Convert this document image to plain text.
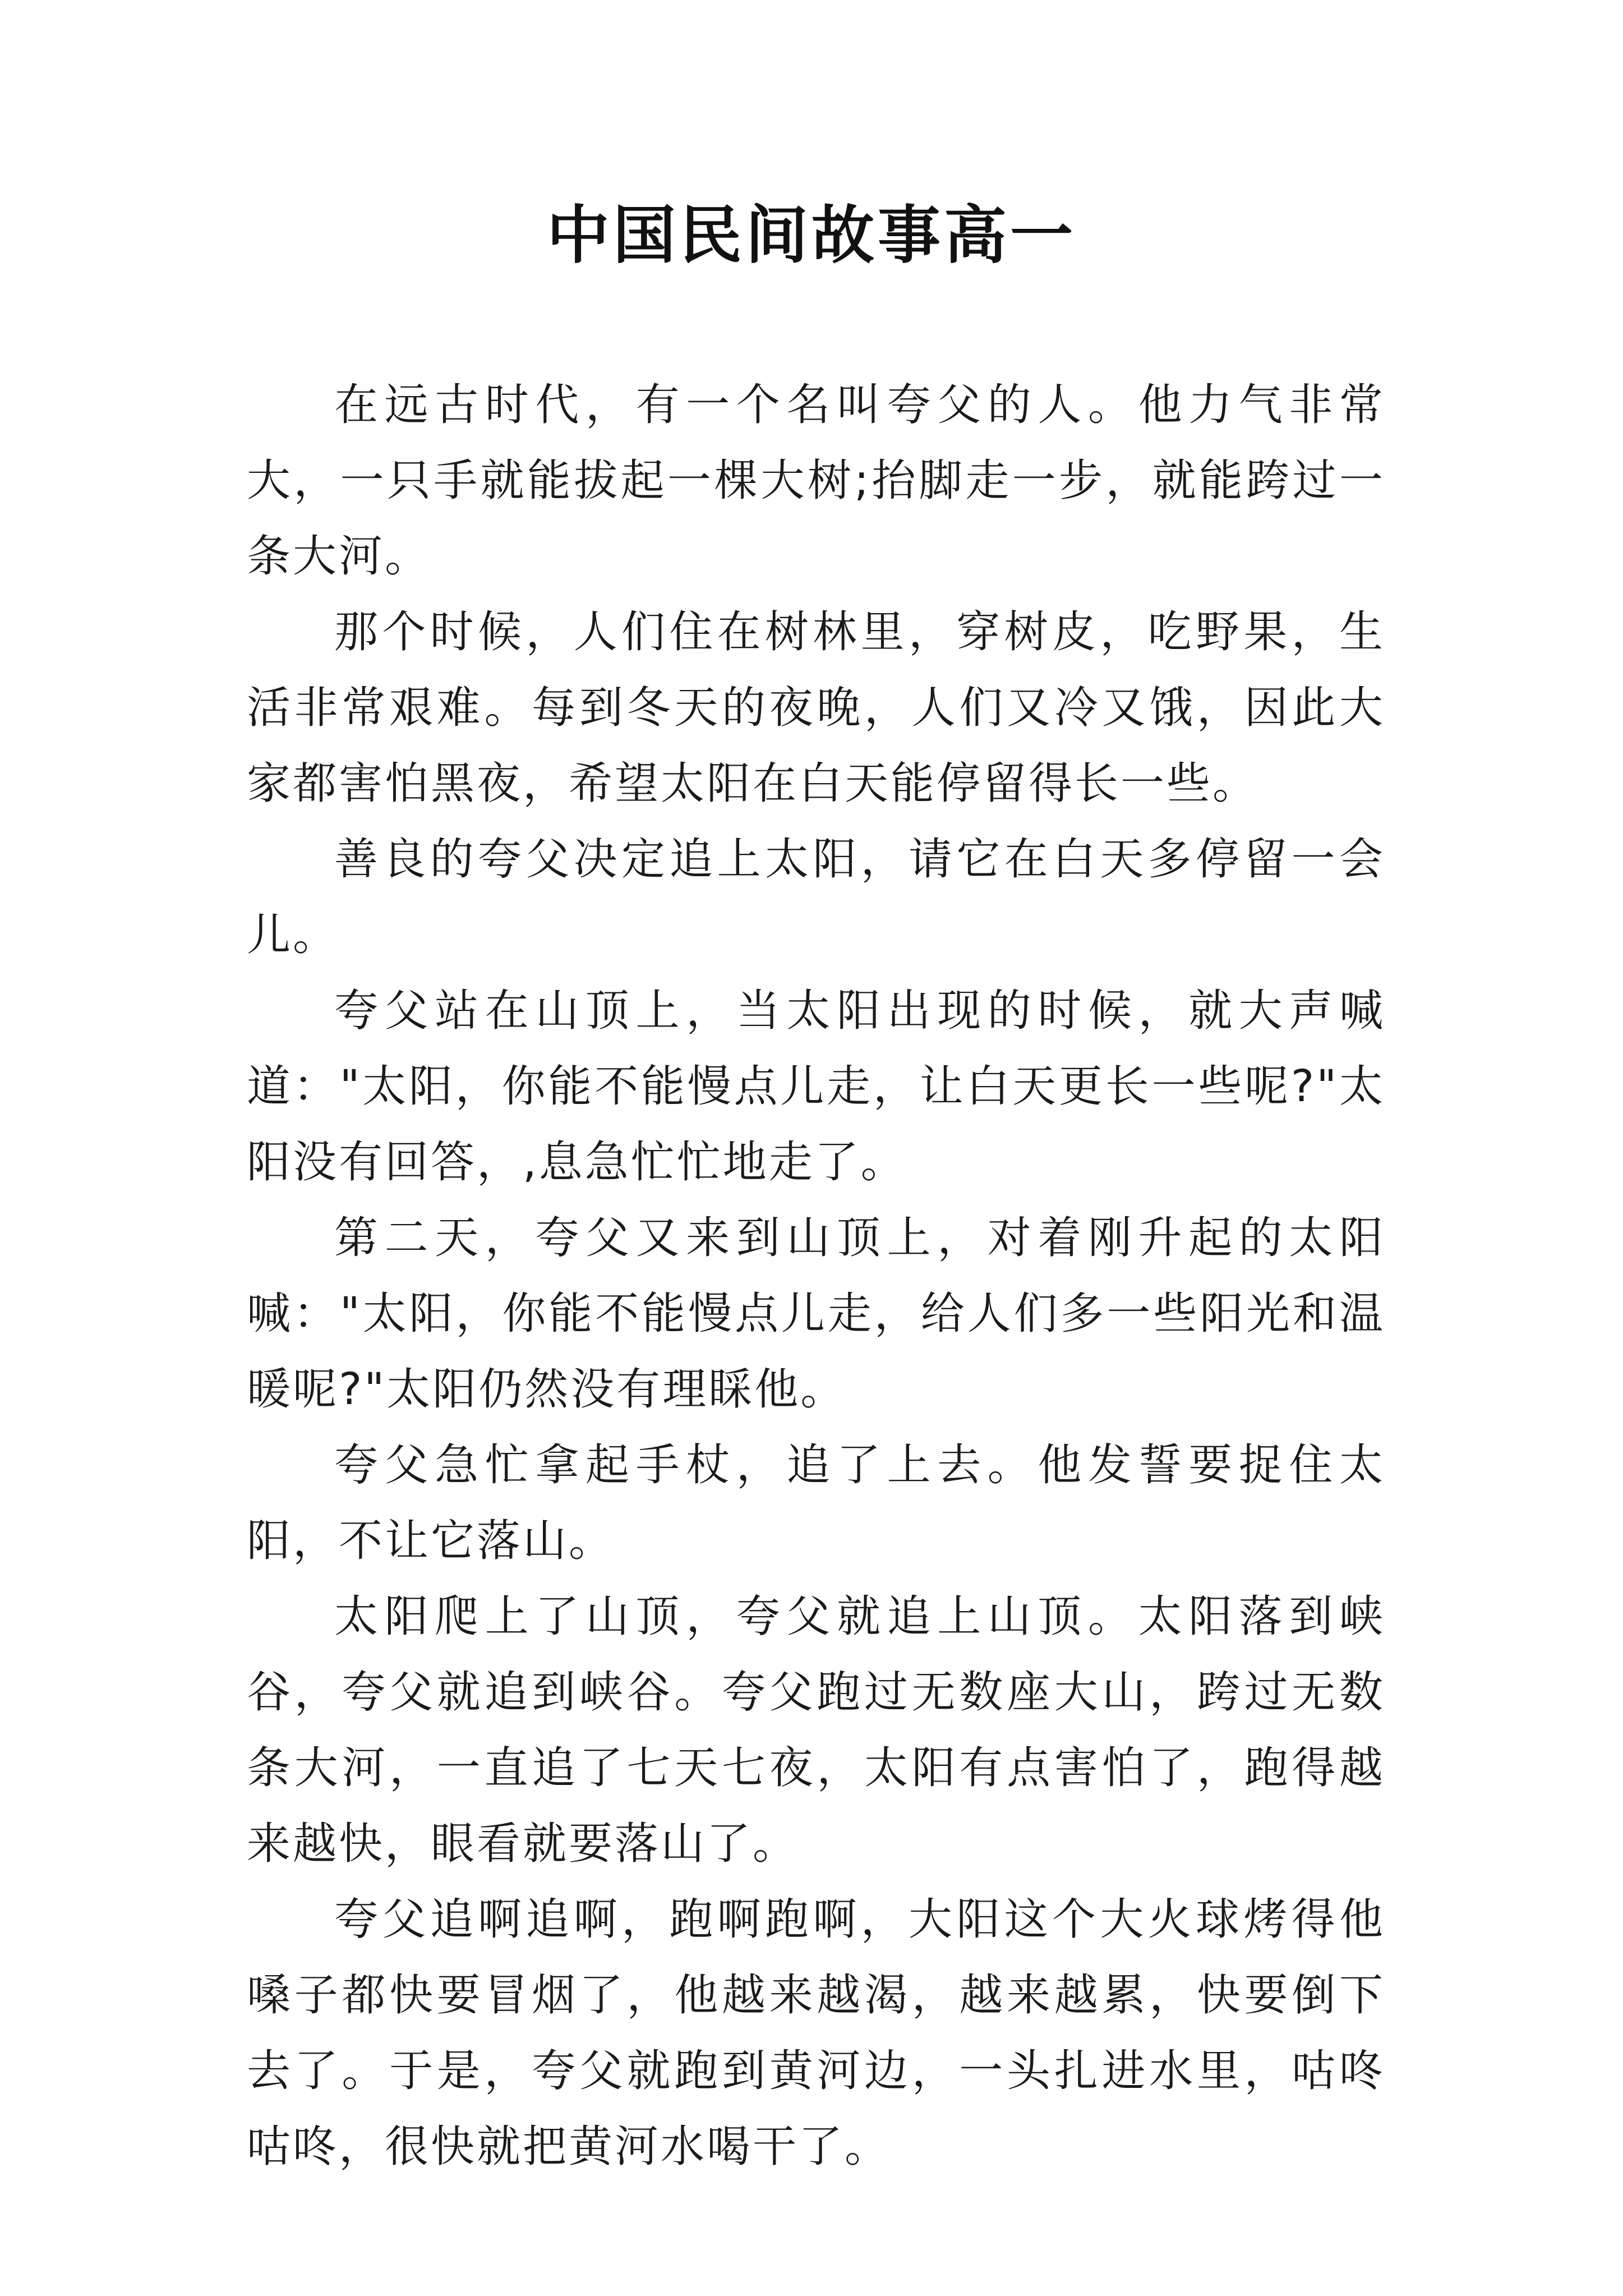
中国民间故事高一

在远古时代，有一个名叫夸父的人。他力气非常大，一只手就能拔起一棵大树;抬脚走一步，就能跨过一条大河。

那个时候，人们住在树林里，穿树皮，吃野果，生活非常艰难。每到冬天的夜晚，人们又冷又饿，因此大家都害怕黑夜，希望太阳在白天能停留得长一些。

善良的夸父决定追上太阳，请它在白天多停留一会儿。

夸父站在山顶上，当太阳出现的时候，就大声喊道："太阳，你能不能慢点儿走，让白天更长一些呢?"太阳没有回答，,息急忙忙地走了。

第二天，夸父又来到山顶上，对着刚升起的太阳喊："太阳，你能不能慢点儿走，给人们多一些阳光和温暖呢?"太阳仍然没有理睬他。

夸父急忙拿起手杖，追了上去。他发誓要捉住太阳，不让它落山。

太阳爬上了山顶，夸父就追上山顶。太阳落到峡谷，夸父就追到峡谷。夸父跑过无数座大山，跨过无数条大河，一直追了七天七夜，太阳有点害怕了，跑得越来越快，眼看就要落山了。

夸父追啊追啊，跑啊跑啊，大阳这个大火球烤得他嗓子都快要冒烟了，他越来越渴，越来越累，快要倒下去了。于是，夸父就跑到黄河边，一头扎进水里，咕咚咕咚，很快就把黄河水喝干了。
